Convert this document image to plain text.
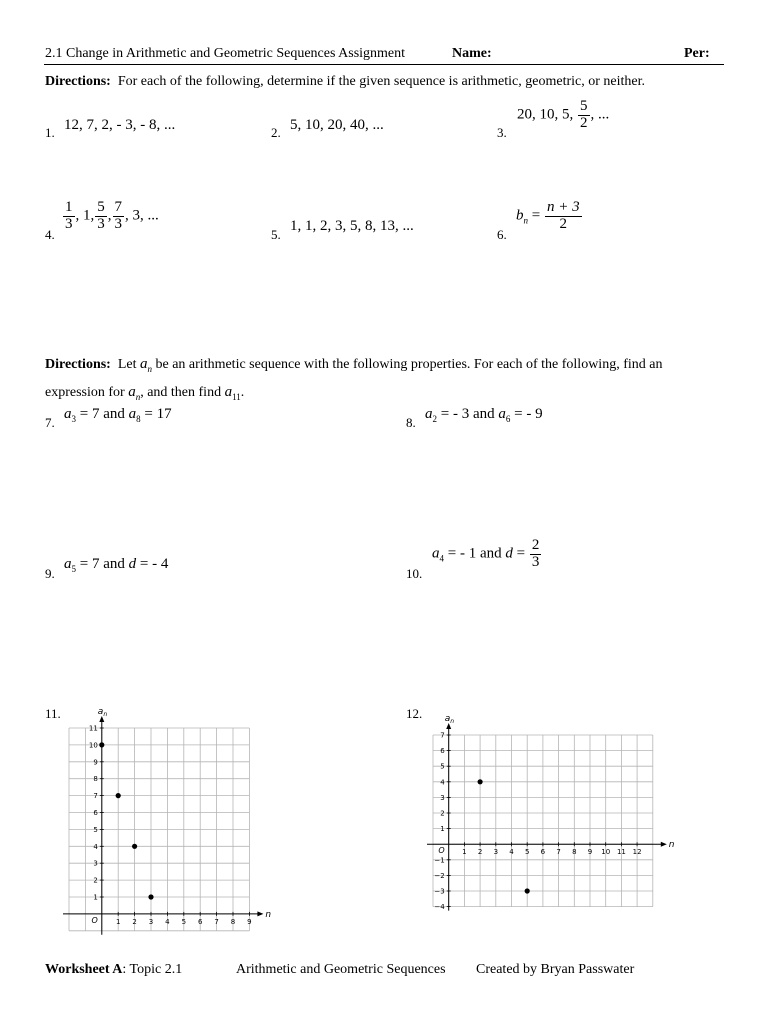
2.1 Change in Arithmetic and Geometric Sequences Assignment	Name:	Per:
Directions: For each of the following, determine if the given sequence is arithmetic, geometric, or neither.
1. 12, 7, 2, - 3, - 8, ...	2. 5, 10, 20, 40, ...	3.
20, 10, 5, $\frac{5}{2}$ , ...
4.
$\frac{1}{3}$ , 1, $\frac{5}{3}$ , $\frac{7}{3}$ , 3, ...
5.
1, 1, 2, 3, 5, 8, 13, ...
6.
$b_n = \frac{n + 3}{2}$
Directions: Let $a_n$ be an arithmetic sequence with the following properties. For each of the following, find an
expression for $a_n$, and then find $a_{11}$.
7.
$a_3 = 7$ and $a_8 = 17$
8.
$a_2$ = - 3 and $a_6$ = - 9
9.
$a_5 = 7$ and d = - 4
10.
$a_4$ = - 1 and $d = \frac{2}{3}$
11.
1 2 3 4 5 6 7 8 9
1
2
3
4
5
6
7
8
9
10
11
O
n
$a_n$	12.
1 2 3 4 5 6 7 8 9 10 11 12
−4
−3
−2
−1
1
2
3
4
5
6
7
O
n
$a_n$
Worksheet A: Topic 2.1	Arithmetic and Geometric Sequences Created by Bryan Passwater
